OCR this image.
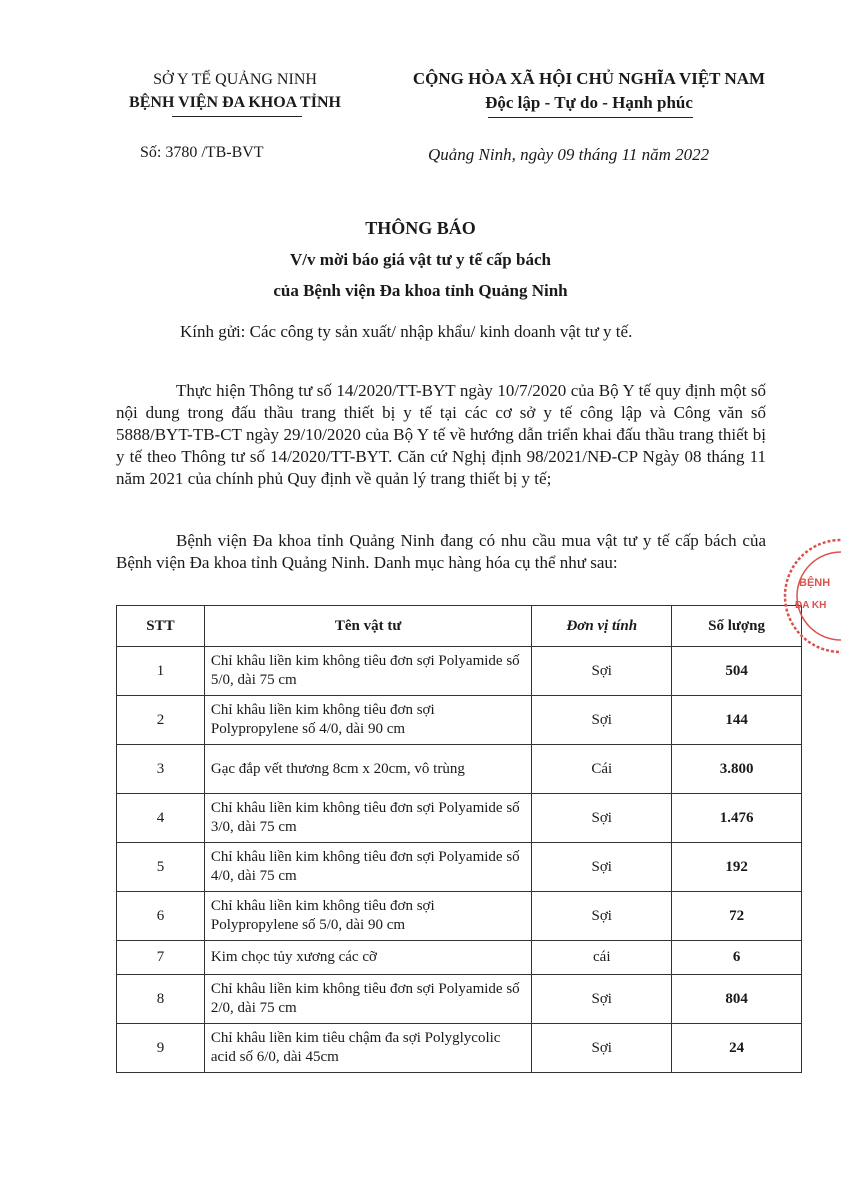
SỞ Y TẾ QUẢNG NINH
BỆNH VIỆN ĐA KHOA TỈNH
CỘNG HÒA XÃ HỘI CHỦ NGHĨA VIỆT NAM
Độc lập - Tự do - Hạnh phúc
Số: 3780 /TB-BVT	Quảng Ninh, ngày 09 tháng 11 năm 2022
THÔNG BÁO
V/v mời báo giá vật tư y tế cấp bách
của Bệnh viện Đa khoa tỉnh Quảng Ninh
Kính gửi: Các công ty sản xuất/ nhập khẩu/ kinh doanh vật tư y tế.
Thực hiện Thông tư số 14/2020/TT-BYT ngày 10/7/2020 của Bộ Y tế quy định một số nội dung trong đấu thầu trang thiết bị y tế tại các cơ sở y tế công lập và Công văn số 5888/BYT-TB-CT ngày 29/10/2020 của Bộ Y tế về hướng dẫn triển khai đấu thầu trang thiết bị y tế theo Thông tư số 14/2020/TT-BYT. Căn cứ Nghị định 98/2021/NĐ-CP Ngày 08 tháng 11 năm 2021 của chính phủ Quy định về quản lý trang thiết bị y tế;
Bệnh viện Đa khoa tỉnh Quảng Ninh đang có nhu cầu mua vật tư y tế cấp bách của Bệnh viện Đa khoa tỉnh Quảng Ninh. Danh mục hàng hóa cụ thể như sau:
STT	Tên vật tư	Đơn vị tính	Số lượng
1	Chỉ khâu liền kim không tiêu đơn sợi Polyamide số 5/0, dài 75 cm	Sợi	504
2	Chỉ khâu liền kim không tiêu đơn sợi Polypropylene số 4/0, dài 90 cm	Sợi	144
3	Gạc đắp vết thương 8cm x 20cm, vô trùng	Cái	3.800
4	Chỉ khâu liền kim không tiêu đơn sợi Polyamide số 3/0, dài 75 cm	Sợi	1.476
5	Chỉ khâu liền kim không tiêu đơn sợi Polyamide số 4/0, dài 75 cm	Sợi	192
6	Chỉ khâu liền kim không tiêu đơn sợi Polypropylene số 5/0, dài 90 cm	Sợi	72
7	Kim chọc tủy xương các cỡ	cái	6
8	Chỉ khâu liền kim không tiêu đơn sợi Polyamide số 2/0, dài 75 cm	Sợi	804
9	Chỉ khâu liền kim tiêu chậm đa sợi Polyglycolic acid số 6/0, dài 45cm	Sợi	24
BỆNH
ĐA KH
